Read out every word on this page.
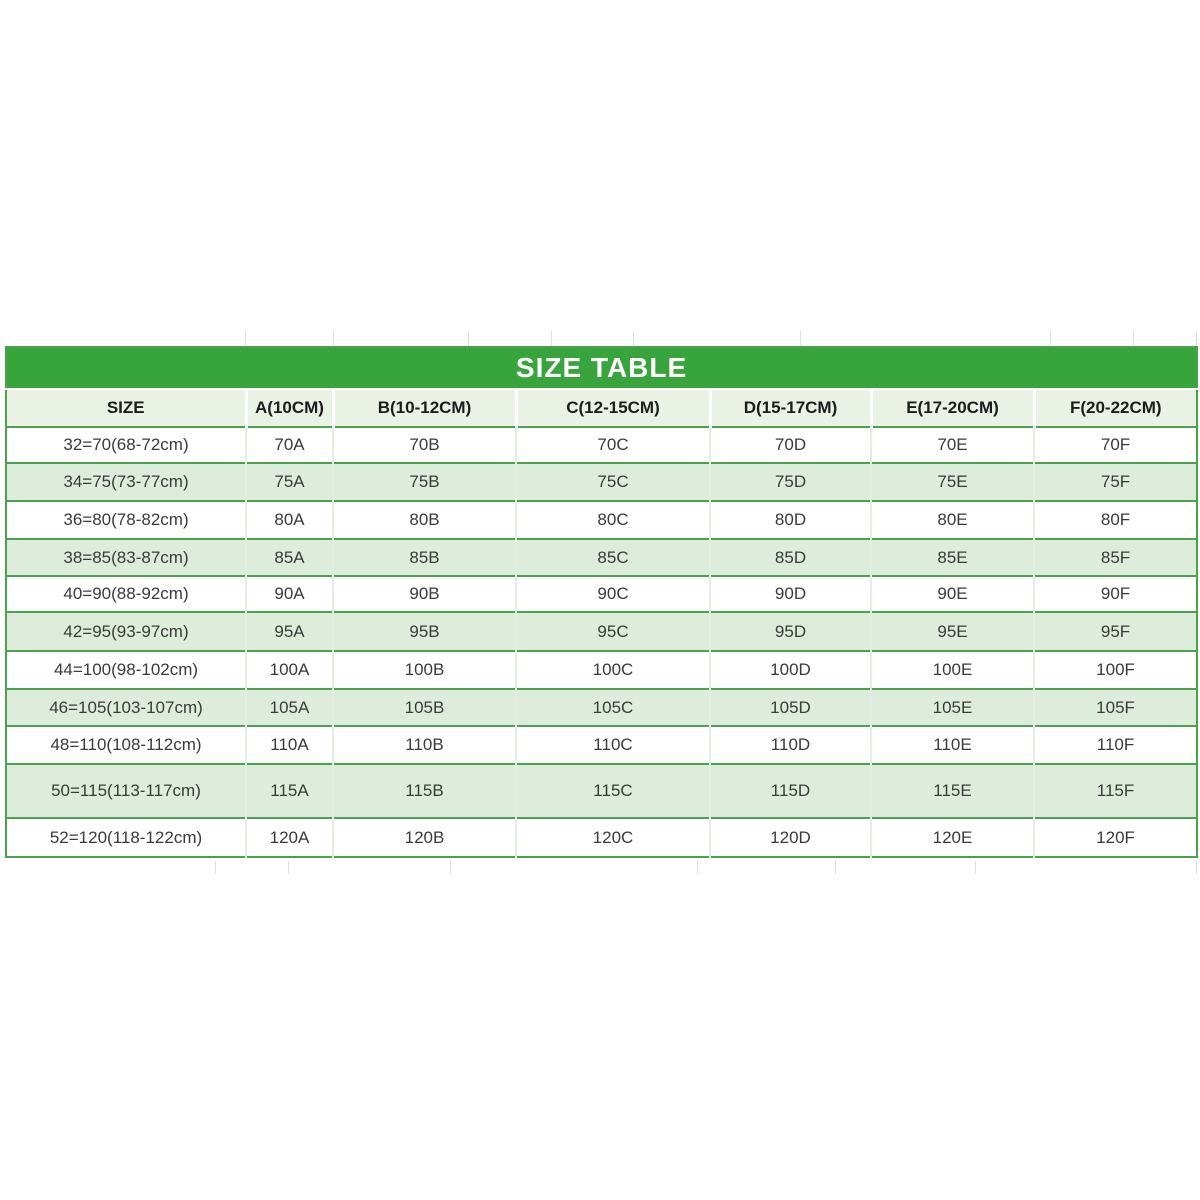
SIZE TABLE						
SIZE	A(10CM)	B(10-12CM)	C(12-15CM)	D(15-17CM)	E(17-20CM)	F(20-22CM)
32=70(68-72cm)	70A	70B	70C	70D	70E	70F
34=75(73-77cm)	75A	75B	75C	75D	75E	75F
36=80(78-82cm)	80A	80B	80C	80D	80E	80F
38=85(83-87cm)	85A	85B	85C	85D	85E	85F
40=90(88-92cm)	90A	90B	90C	90D	90E	90F
42=95(93-97cm)	95A	95B	95C	95D	95E	95F
44=100(98-102cm)	100A	100B	100C	100D	100E	100F
46=105(103-107cm)	105A	105B	105C	105D	105E	105F
48=110(108-112cm)	110A	110B	110C	110D	110E	110F
50=115(113-117cm)	115A	115B	115C	115D	115E	115F
52=120(118-122cm)	120A	120B	120C	120D	120E	120F
